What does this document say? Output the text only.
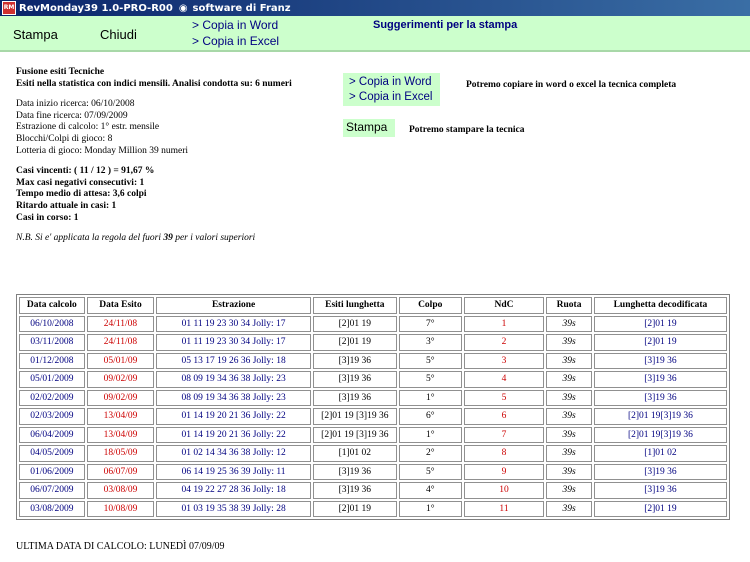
RM RevMonday39 1.0-PRO-R00 ◉ software di Franz
Stampa	Chiudi
> Copia in Word
> Copia in Excel
Suggerimenti per la stampa
Fusione esiti Tecniche
Esiti nella statistica con indici mensili. Analisi condotta su: 6 numeri
Data inizio ricerca: 06/10/2008
Data fine ricerca: 07/09/2009
Estrazione di calcolo: 1° estr. mensile
Blocchi/Colpi di gioco: 8
Lotteria di gioco: Monday Million 39 numeri
Casi vincenti: ( 11 / 12 ) = 91,67 %
Max casi negativi consecutivi: 1
Tempo medio di attesa: 3,6 colpi
Ritardo attuale in casi: 1
Casi in corso: 1
N.B. Si e' applicata la regola del fuori 39 per i valori superiori
> Copia in Word
> Copia in Excel
Potremo copiare in word o excel la tecnica completa
Stampa	Potremo stampare la tecnica
Data calcolo	Data Esito	Estrazione	Esiti lunghetta	Colpo	NdC	Ruota	Lunghetta decodificata
06/10/2008	24/11/08	01 11 19 23 30 34 Jolly: 17	[2]01 19	7°	1	39s	[2]01 19
03/11/2008	24/11/08	01 11 19 23 30 34 Jolly: 17	[2]01 19	3°	2	39s	[2]01 19
01/12/2008	05/01/09	05 13 17 19 26 36 Jolly: 18	[3]19 36	5°	3	39s	[3]19 36
05/01/2009	09/02/09	08 09 19 34 36 38 Jolly: 23	[3]19 36	5°	4	39s	[3]19 36
02/02/2009	09/02/09	08 09 19 34 36 38 Jolly: 23	[3]19 36	1°	5	39s	[3]19 36
02/03/2009	13/04/09	01 14 19 20 21 36 Jolly: 22	[2]01 19 [3]19 36	6°	6	39s	[2]01 19[3]19 36
06/04/2009	13/04/09	01 14 19 20 21 36 Jolly: 22	[2]01 19 [3]19 36	1°	7	39s	[2]01 19[3]19 36
04/05/2009	18/05/09	01 02 14 34 36 38 Jolly: 12	[1]01 02	2°	8	39s	[1]01 02
01/06/2009	06/07/09	06 14 19 25 36 39 Jolly: 11	[3]19 36	5°	9	39s	[3]19 36
06/07/2009	03/08/09	04 19 22 27 28 36 Jolly: 18	[3]19 36	4°	10	39s	[3]19 36
03/08/2009	10/08/09	01 03 19 35 38 39 Jolly: 28	[2]01 19	1°	11	39s	[2]01 19
ULTIMA DATA DI CALCOLO: LUNEDÌ 07/09/09
